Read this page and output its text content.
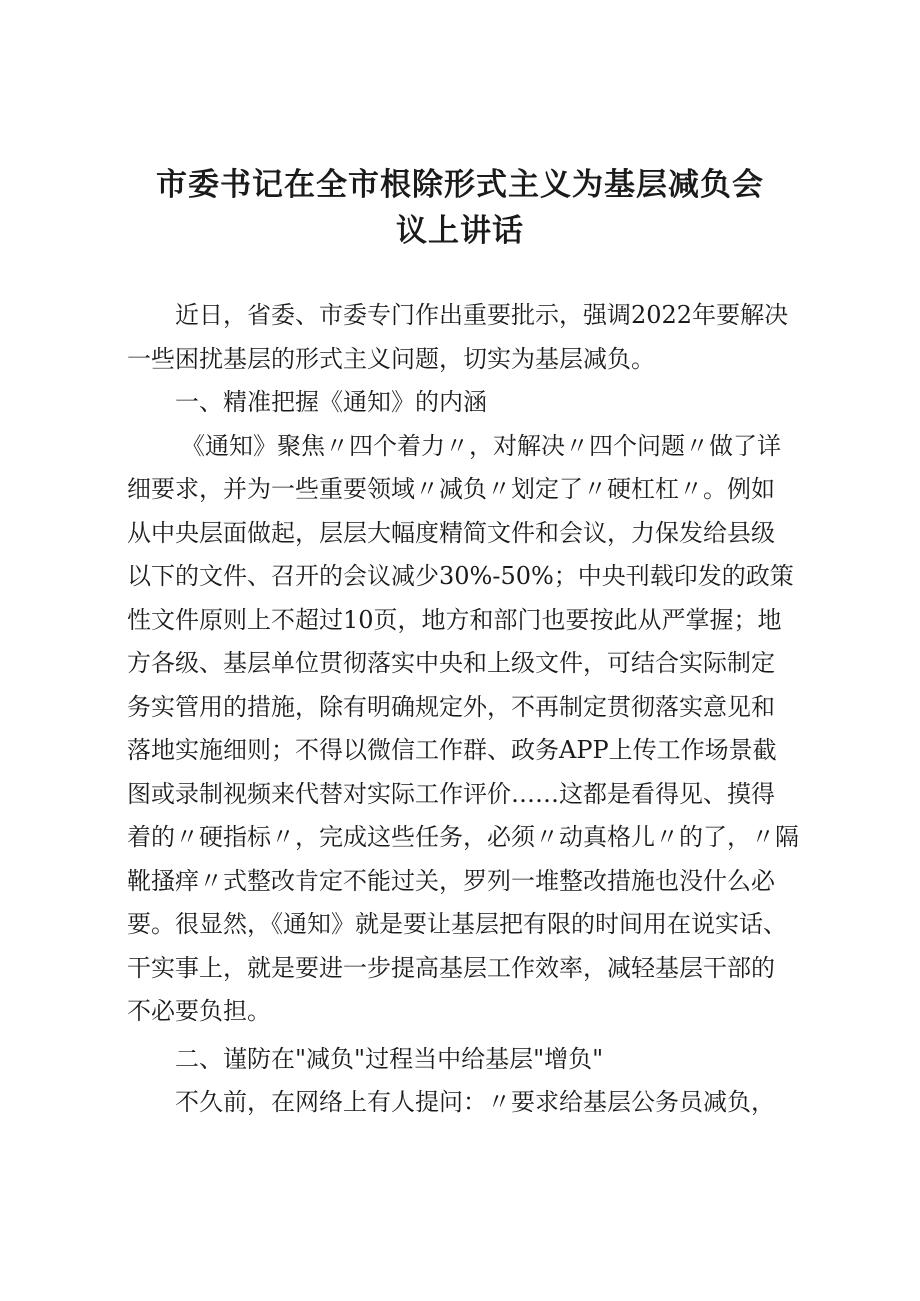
市委书记在全市根除形式主义为基层减负会
议上讲话
近日，省委、市委专门作出重要批示，强调2022年要解决
一些困扰基层的形式主义问题，切实为基层减负。
一、精准把握《通知》的内涵
《通知》聚焦〃四个着力〃，对解决〃四个问题〃做了详
细要求，并为一些重要领域〃减负〃划定了〃硬杠杠〃。例如
从中央层面做起，层层大幅度精简文件和会议，力保发给县级
以下的文件、召开的会议减少30%-50%；中央刊载印发的政策
性文件原则上不超过10页，地方和部门也要按此从严掌握；地
方各级、基层单位贯彻落实中央和上级文件，可结合实际制定
务实管用的措施，除有明确规定外，不再制定贯彻落实意见和
落地实施细则；不得以微信工作群、政务APP上传工作场景截
图或录制视频来代替对实际工作评价……这都是看得见、摸得
着的〃硬指标〃，完成这些任务，必须〃动真格儿〃的了，〃隔
靴搔痒〃式整改肯定不能过关，罗列一堆整改措施也没什么必
要。很显然，《通知》就是要让基层把有限的时间用在说实话、
干实事上，就是要进一步提高基层工作效率，减轻基层干部的
不必要负担。
二、谨防在"减负"过程当中给基层"增负"
不久前，在网络上有人提问：〃要求给基层公务员减负，
